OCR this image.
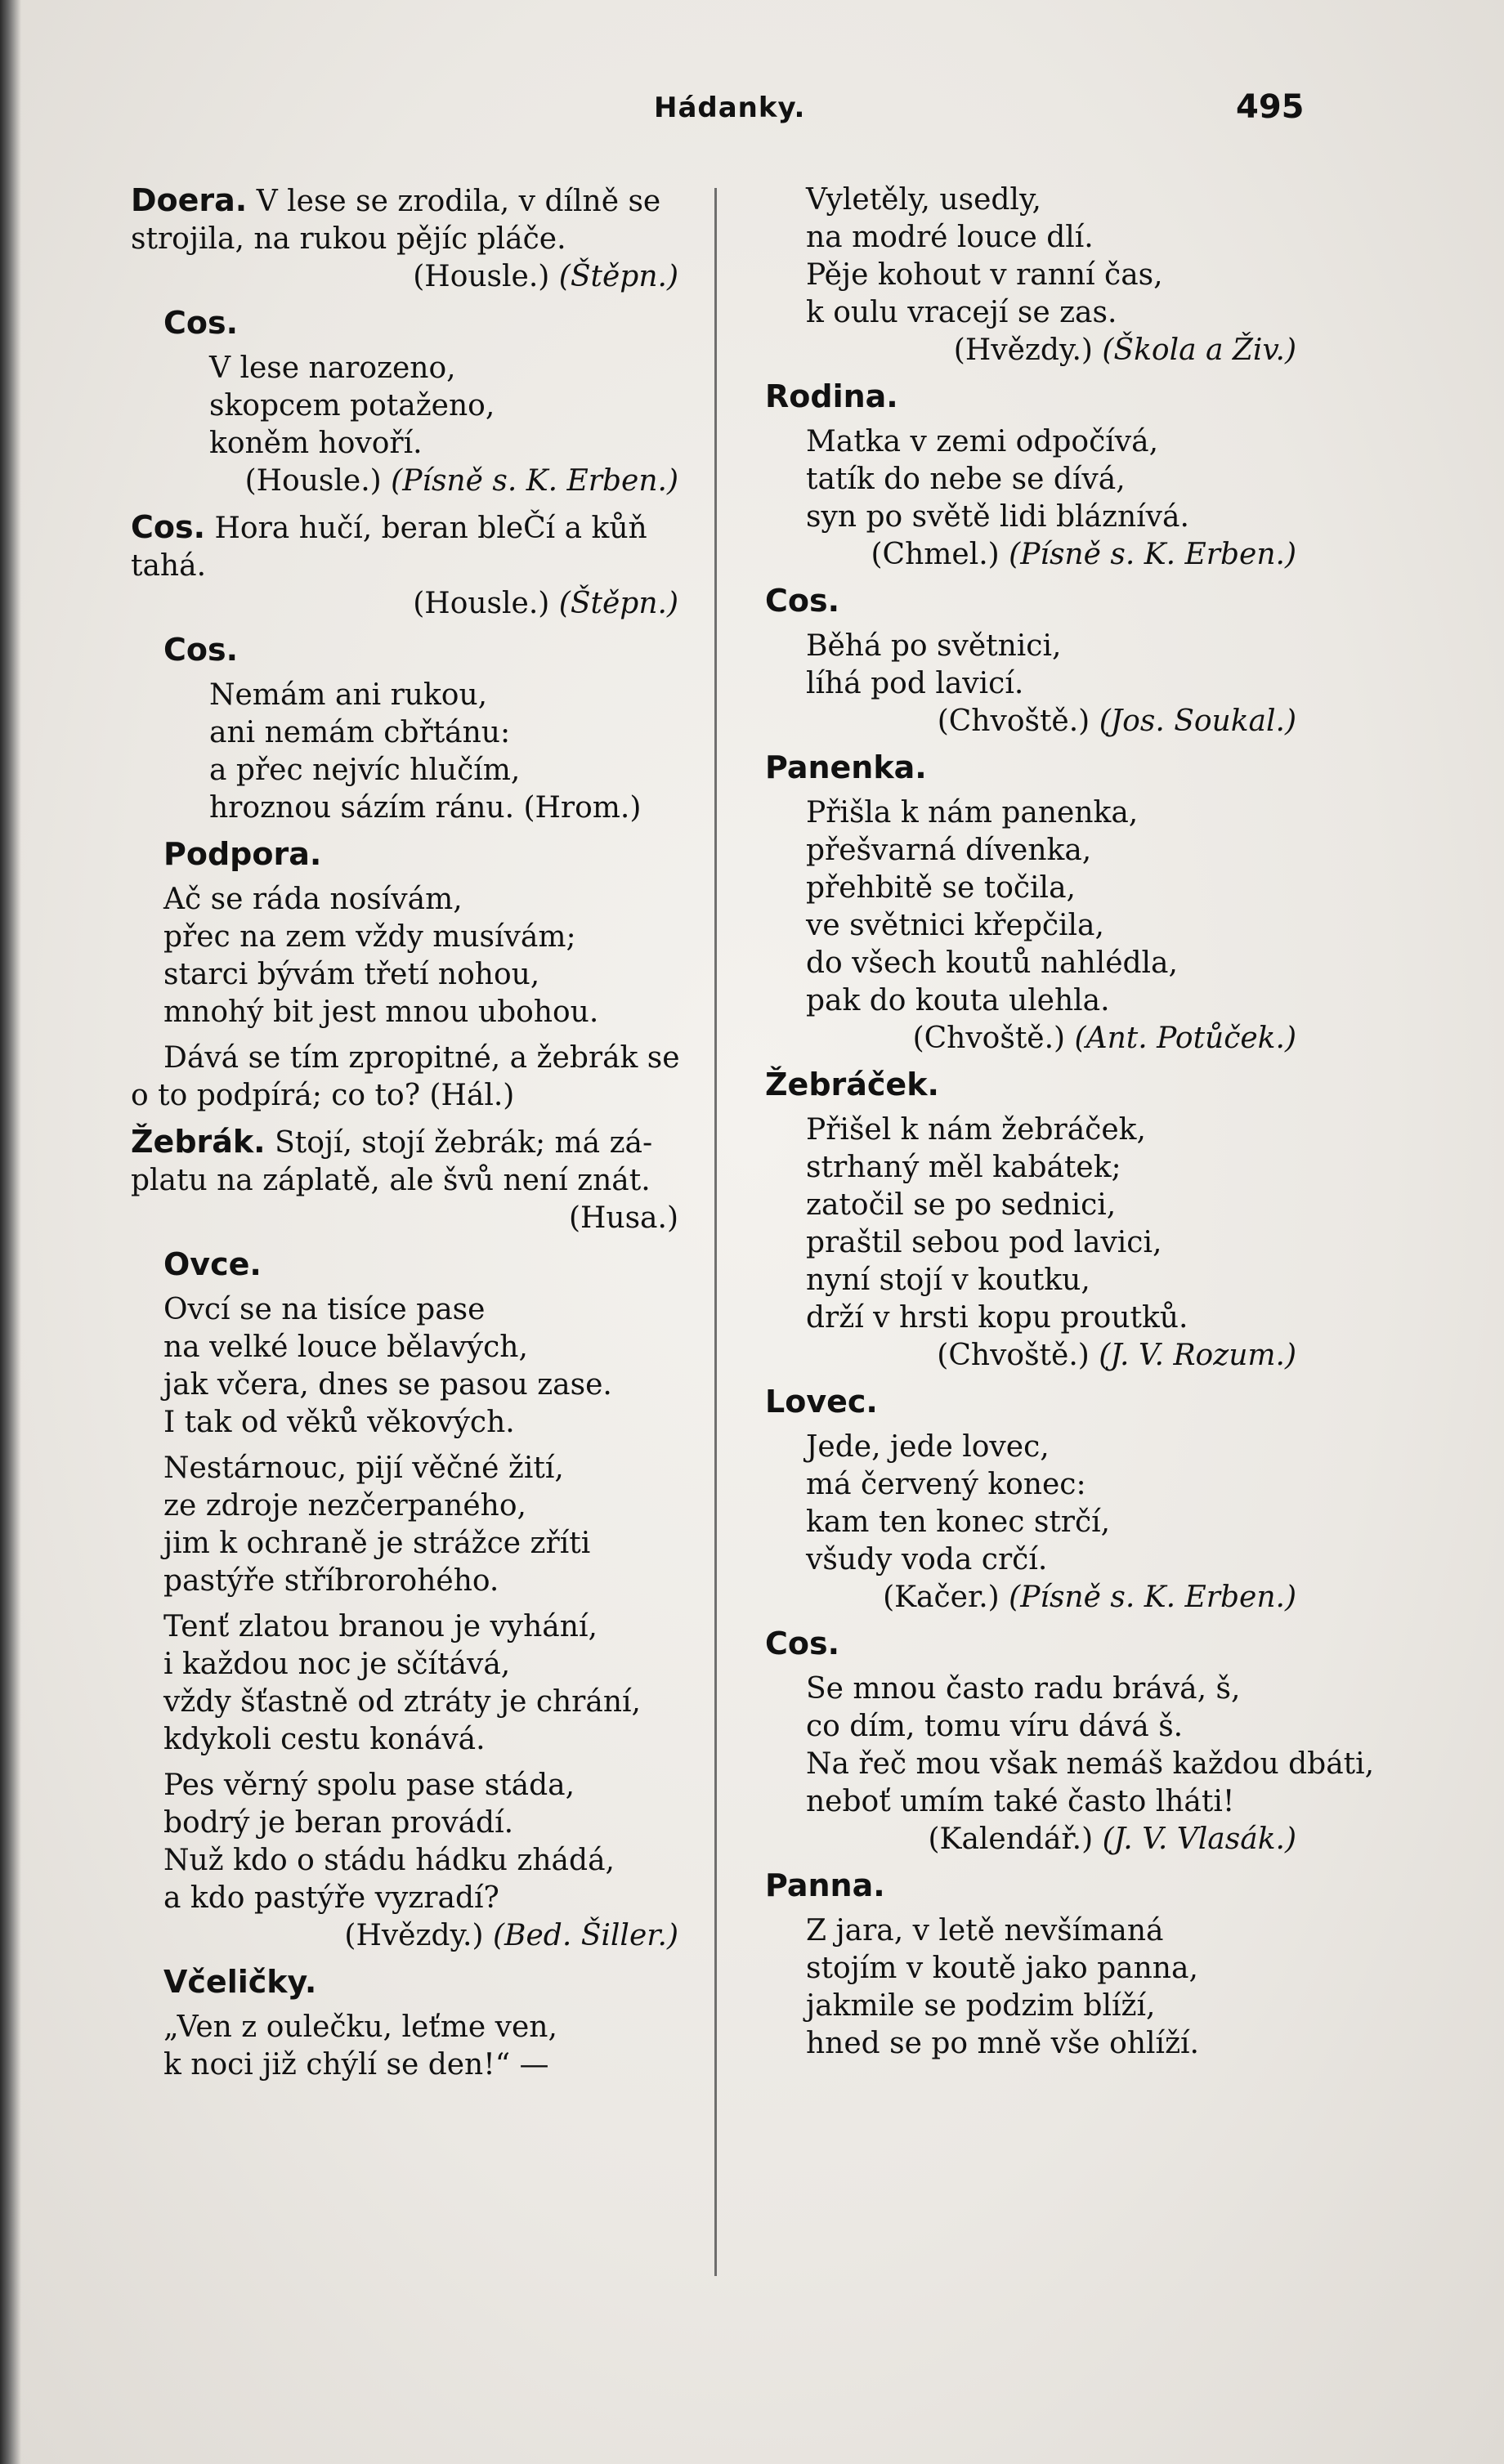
Hádanky.	495
Doera. V lese se zrodila, v dílně se
strojila, na rukou pějíc pláče.
(Housle.) (Štěpn.)
Cos.
V lese narozeno,
skopcem potaženo,
koněm hovoří.
(Housle.) (Písně s. K. Erben.)
Cos. Hora hučí, beran bleČí a kůň
tahá.
(Housle.) (Štěpn.)
Cos.
Nemám ani rukou,
ani nemám cbřtánu:
a přec nejvíc hlučím,
hroznou sázím ránu. (Hrom.)
Podpora.
Ač se ráda nosívám,
přec na zem vždy musívám;
starci bývám třetí nohou,
mnohý bit jest mnou ubohou.
Dává se tím zpropitné, a žebrák se
o to podpírá; co to? (Hál.)
Žebrák. Stojí, stojí žebrák; má zá-
platu na záplatě, ale švů není znát.
(Husa.)
Ovce.
Ovcí se na tisíce pase
na velké louce bělavých,
jak včera, dnes se pasou zase.
I tak od věků věkových.
Nestárnouc, pijí věčné žití,
ze zdroje nezčerpaného,
jim k ochraně je strážce zříti
pastýře stříbrorohého.
Tenť zlatou branou je vyhání,
i každou noc je sčítává,
vždy šťastně od ztráty je chrání,
kdykoli cestu konává.
Pes věrný spolu pase stáda,
bodrý je beran provádí.
Nuž kdo o stádu hádku zhádá,
a kdo pastýře vyzradí?
(Hvězdy.) (Bed. Šiller.)
Včeličky.
„Ven z oulečku, leťme ven,
k noci již chýlí se den!“ —
Vyletěly, usedly,
na modré louce dlí.
Pěje kohout v ranní čas,
k oulu vracejí se zas.
(Hvězdy.) (Škola a Živ.)
Rodina.
Matka v zemi odpočívá,
tatík do nebe se dívá,
syn po světě lidi bláznívá.
(Chmel.) (Písně s. K. Erben.)
Cos.
Běhá po světnici,
líhá pod lavicí.
(Chvoště.) (Jos. Soukal.)
Panenka.
Přišla k nám panenka,
přešvarná dívenka,
přehbitě se točila,
ve světnici křepčila,
do všech koutů nahlédla,
pak do kouta ulehla.
(Chvoště.) (Ant. Potůček.)
Žebráček.
Přišel k nám žebráček,
strhaný měl kabátek;
zatočil se po sednici,
praštil sebou pod lavici,
nyní stojí v koutku,
drží v hrsti kopu proutků.
(Chvoště.) (J. V. Rozum.)
Lovec.
Jede, jede lovec,
má červený konec:
kam ten konec strčí,
všudy voda crčí.
(Kačer.) (Písně s. K. Erben.)
Cos.
Se mnou často radu brává, š,
co dím, tomu víru dává š.
Na řeč mou však nemáš každou dbáti,
neboť umím také často lháti!
(Kalendář.) (J. V. Vlasák.)
Panna.
Z jara, v letě nevšímaná
stojím v koutě jako panna,
jakmile se podzim blíží,
hned se po mně vše ohlíží.
